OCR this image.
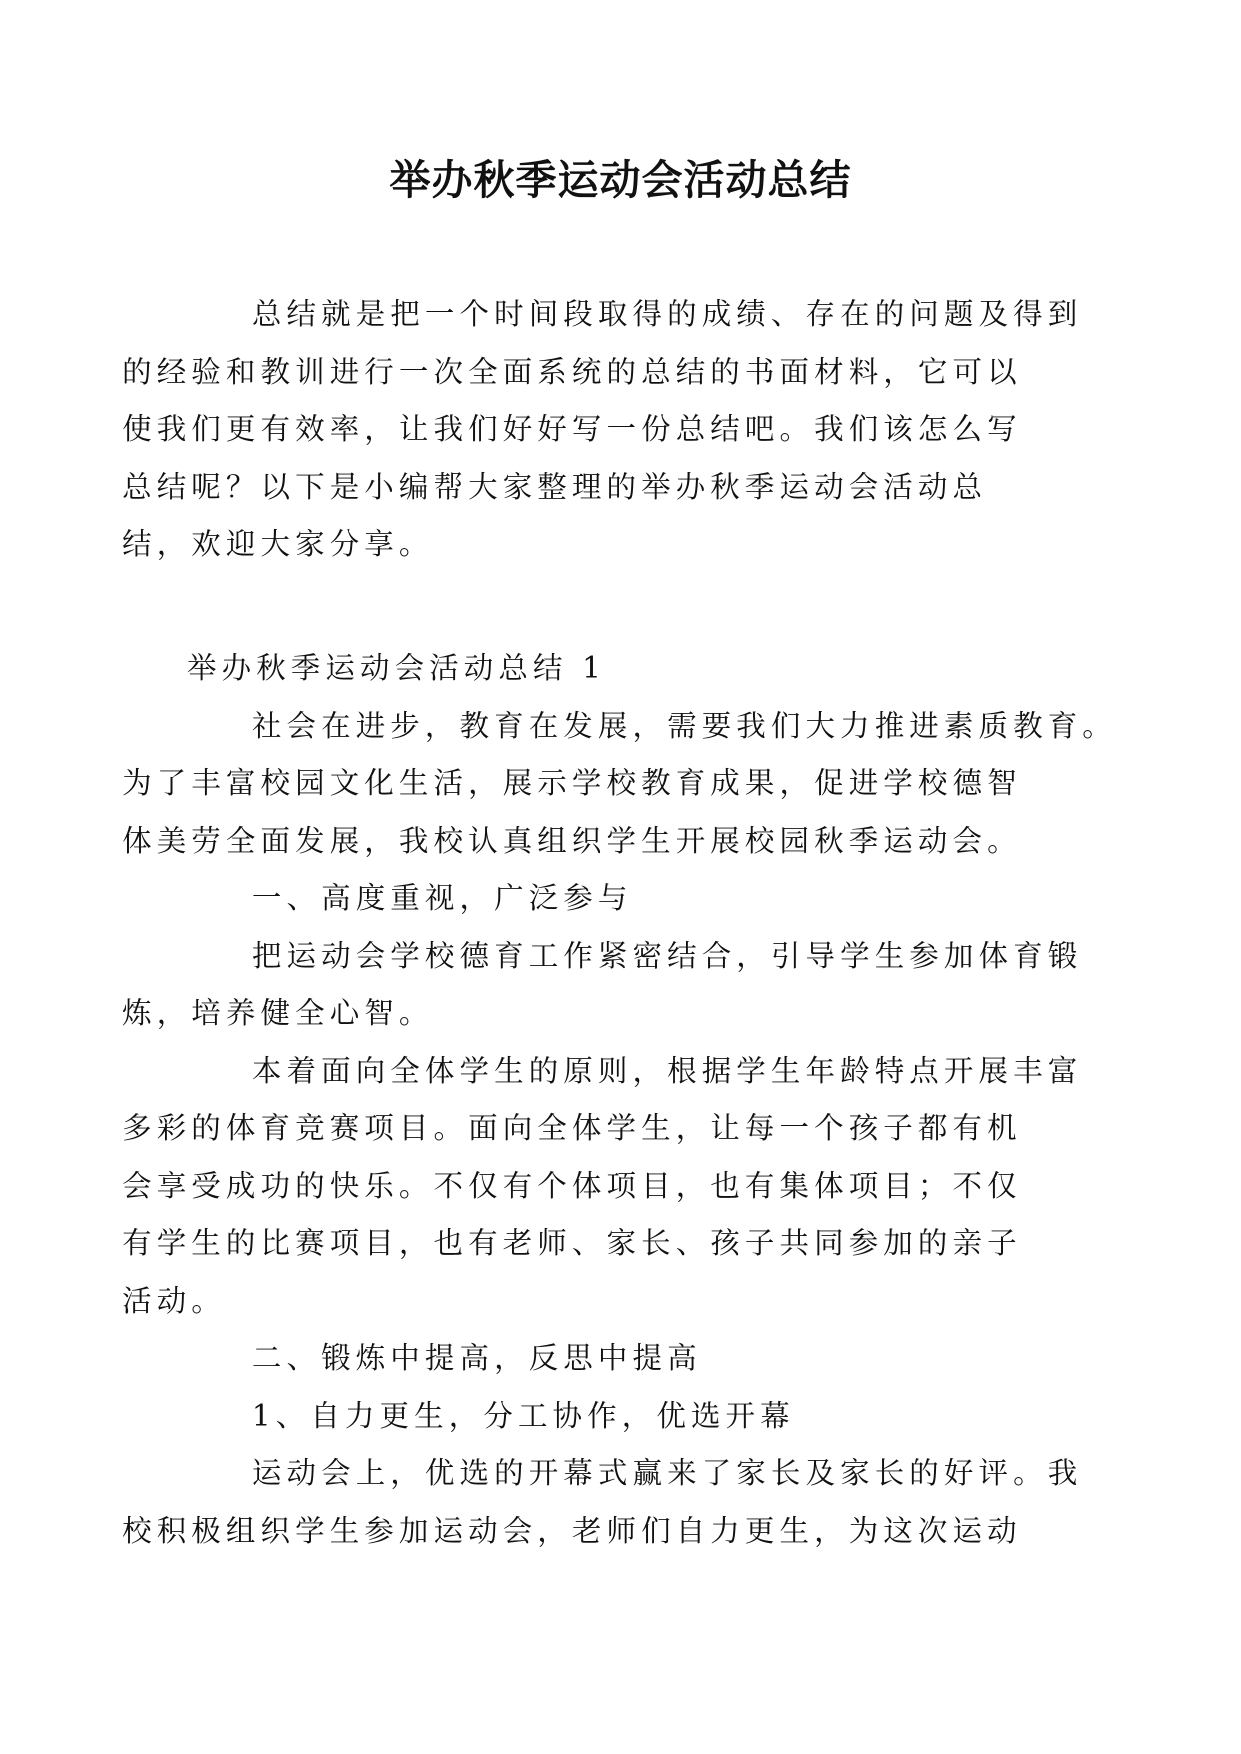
举办秋季运动会活动总结

总结就是把一个时间段取得的成绩、存在的问题及得到
的经验和教训进行一次全面系统的总结的书面材料，它可以
使我们更有效率，让我们好好写一份总结吧。我们该怎么写
总结呢？以下是小编帮大家整理的举办秋季运动会活动总
结，欢迎大家分享。

举办秋季运动会活动总结 1

社会在进步，教育在发展，需要我们大力推进素质教育。
为了丰富校园文化生活，展示学校教育成果，促进学校德智
体美劳全面发展，我校认真组织学生开展校园秋季运动会。

一、高度重视，广泛参与

把运动会学校德育工作紧密结合，引导学生参加体育锻
炼，培养健全心智。

本着面向全体学生的原则，根据学生年龄特点开展丰富
多彩的体育竞赛项目。面向全体学生，让每一个孩子都有机
会享受成功的快乐。不仅有个体项目，也有集体项目；不仅
有学生的比赛项目，也有老师、家长、孩子共同参加的亲子
活动。

二、锻炼中提高，反思中提高

1、自力更生，分工协作，优选开幕

运动会上，优选的开幕式赢来了家长及家长的好评。我
校积极组织学生参加运动会，老师们自力更生，为这次运动
